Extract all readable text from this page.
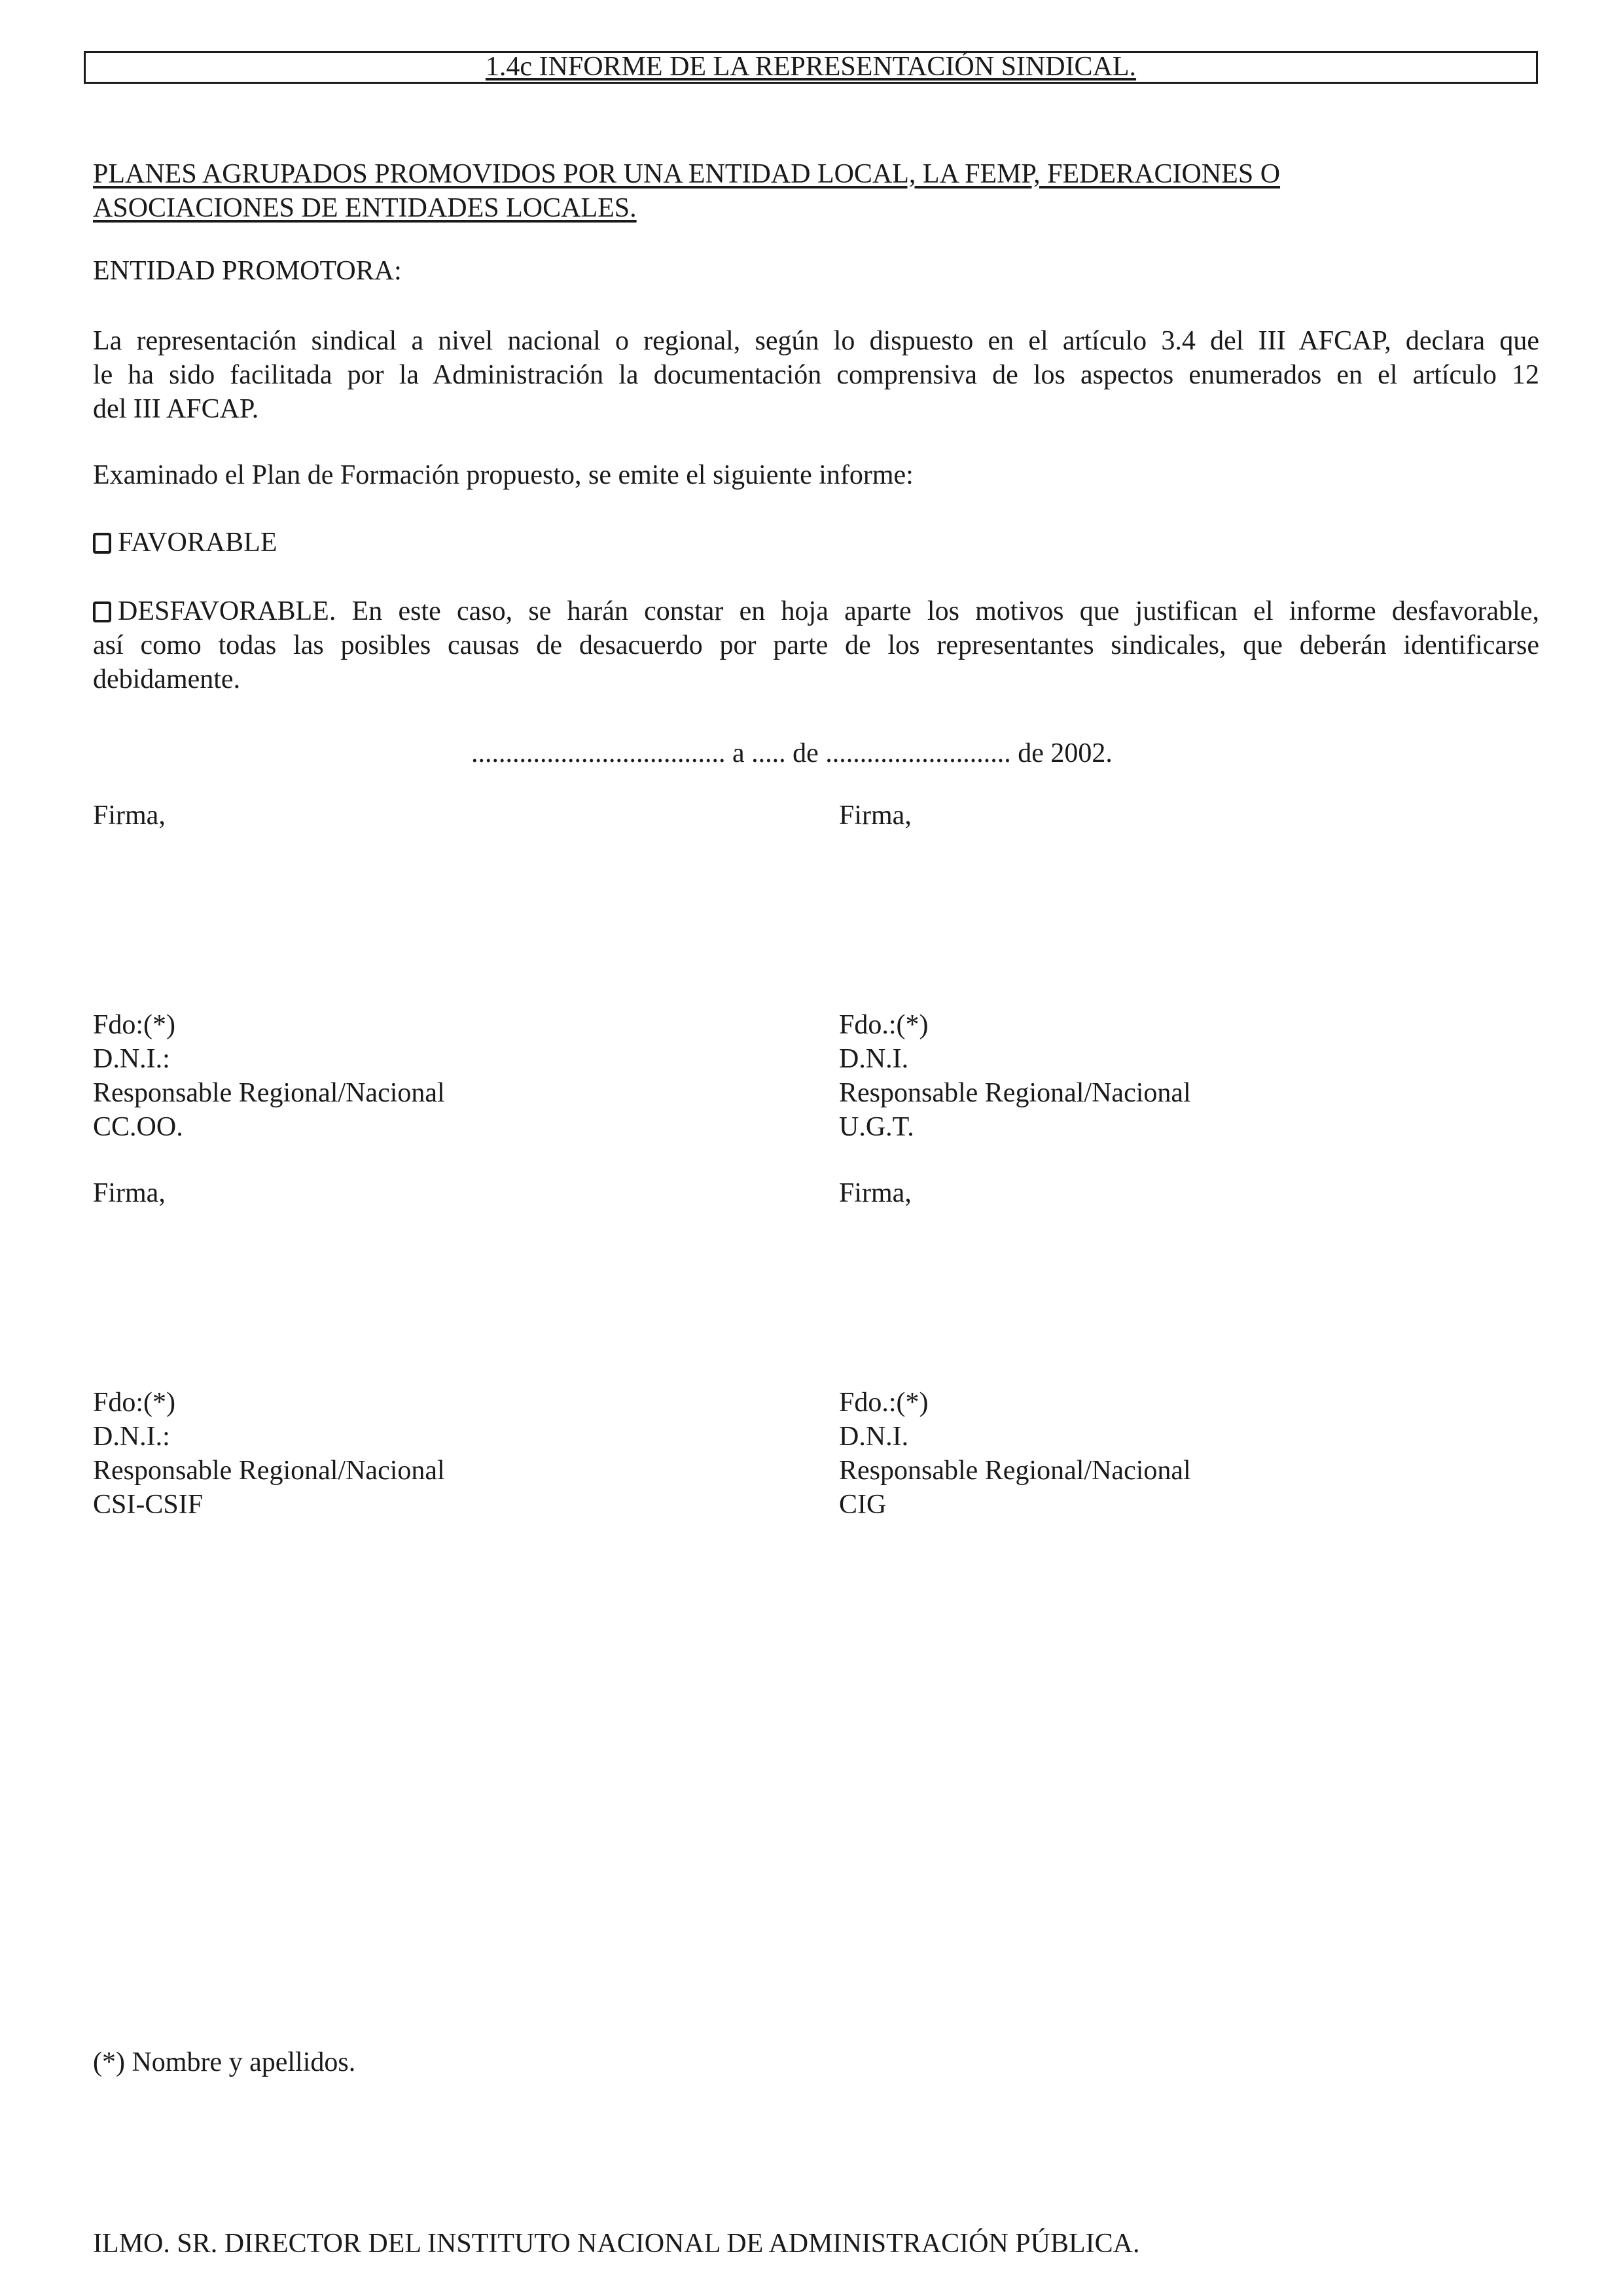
1.4c INFORME DE LA REPRESENTACIÓN SINDICAL.
PLANES AGRUPADOS PROMOVIDOS POR UNA ENTIDAD LOCAL, LA FEMP, FEDERACIONES O
ASOCIACIONES DE ENTIDADES LOCALES.
ENTIDAD PROMOTORA:
La representación sindical a nivel nacional o regional, según lo dispuesto en el artículo 3.4 del III AFCAP, declara que
le ha sido facilitada por la Administración la documentación comprensiva de los aspectos enumerados en el artículo 12
del III AFCAP.
Examinado el Plan de Formación propuesto, se emite el siguiente informe:
FAVORABLE
DESFAVORABLE. En este caso, se harán constar en hoja aparte los motivos que justifican el informe desfavorable,
así como todas las posibles causas de desacuerdo por parte de los representantes sindicales, que deberán identificarse
debidamente.
..................................... a ..... de ........................... de 2002.
Firma,	Firma,
Fdo:(*)
D.N.I.:
Responsable Regional/Nacional
CC.OO.
Fdo.:(*)
D.N.I.
Responsable Regional/Nacional
U.G.T.
Firma,	Firma,
Fdo:(*)
D.N.I.:
Responsable Regional/Nacional
CSI-CSIF
Fdo.:(*)
D.N.I.
Responsable Regional/Nacional
CIG
(*) Nombre y apellidos.
ILMO. SR. DIRECTOR DEL INSTITUTO NACIONAL DE ADMINISTRACIÓN PÚBLICA.
